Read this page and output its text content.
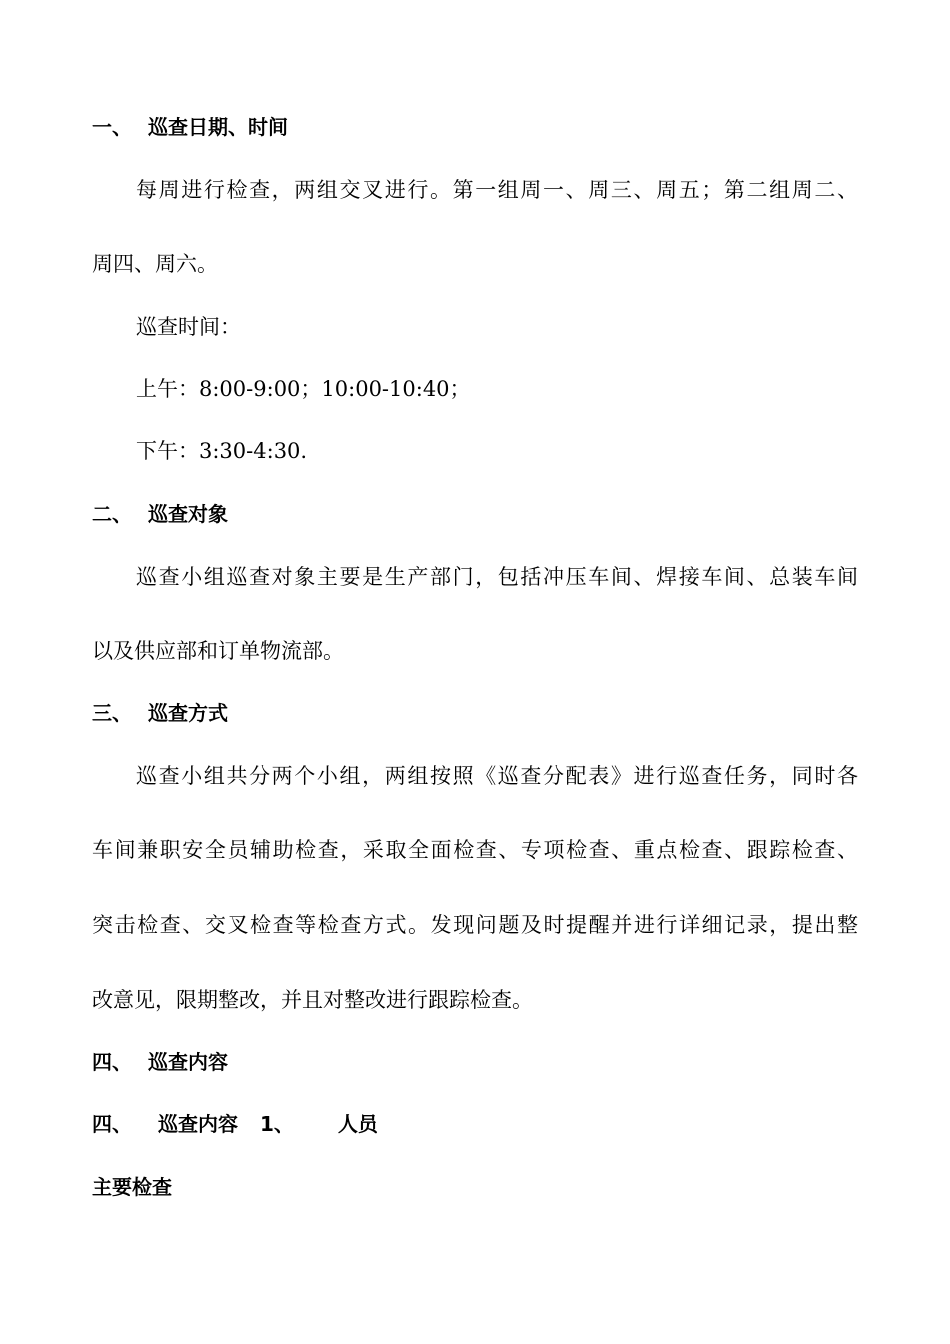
一、 巡查日期、时间
每周进行检查，两组交叉进行。第一组周一、周三、周五；第二组周二、
周四、周六。
巡查时间：
上午：8:00-9:00；10:00-10:40；
下午：3:30-4:30.
二、 巡查对象
巡查小组巡查对象主要是生产部门，包括冲压车间、焊接车间、总装车间
以及供应部和订单物流部。
三、 巡查方式
巡查小组共分两个小组，两组按照《巡查分配表》进行巡查任务，同时各
车间兼职安全员辅助检查，采取全面检查、专项检查、重点检查、跟踪检查、
突击检查、交叉检查等检查方式。发现问题及时提醒并进行详细记录，提出整
改意见，限期整改，并且对整改进行跟踪检查。
四、 巡查内容
四、 巡查内容 1、 人员
主要检查
